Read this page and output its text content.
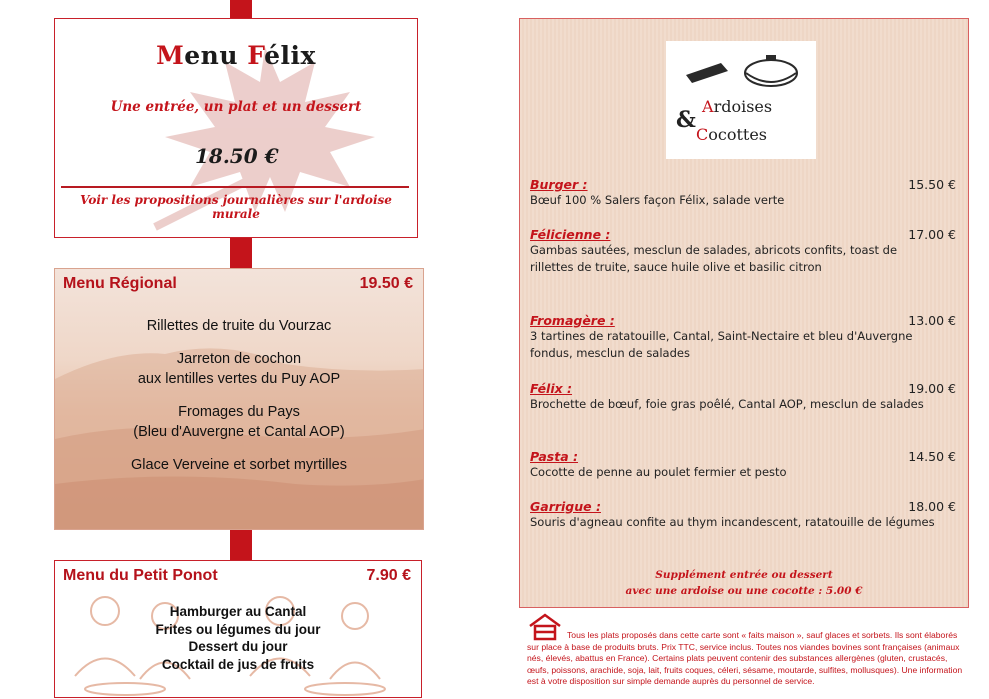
Menu Félix
Une entrée, un plat et un dessert
18.50 €
Voir les propositions journalières sur l'ardoise murale
Menu Régional	19.50 €
Rillettes de truite du Vourzac
Jarreton de cochon
aux lentilles vertes du Puy AOP
Fromages du Pays
(Bleu d'Auvergne et Cantal AOP)
Glace Verveine et sorbet myrtilles
Menu du Petit Ponot	7.90 €
Hamburger au Cantal
Frites ou légumes du jour
Dessert du jour
Cocktail de jus de fruits
Ardoises
&
Cocottes
Burger :	15.50 €
Bœuf 100 % Salers façon Félix, salade verte
Félicienne :	17.00 €
Gambas sautées, mesclun de salades, abricots confits, toast de rillettes de truite, sauce huile olive et basilic citron
Fromagère :	13.00 €
3 tartines de ratatouille, Cantal, Saint-Nectaire et bleu d'Auvergne fondus, mesclun de salades
Félix :	19.00 €
Brochette de bœuf, foie gras poêlé, Cantal AOP, mesclun de salades
Pasta :	14.50 €
Cocotte de penne au poulet fermier et pesto
Garrigue :	18.00 €
Souris d'agneau confite au thym incandescent, ratatouille de légumes
Supplément entrée ou dessert
avec une ardoise ou une cocotte : 5.00 €
Tous les plats proposés dans cette carte sont « faits maison », sauf glaces et sorbets. Ils sont élaborés sur place à base de produits bruts. Prix TTC, service inclus. Toutes nos viandes bovines sont françaises (animaux nés, élevés, abattus en France). Certains plats peuvent contenir des substances allergènes (gluten, crustacés, œufs, poissons, arachide, soja, lait, fruits coques, céleri, sésame, moutarde, sulfites, mollusques). Une information est à votre disposition sur simple demande auprès du personnel de service.
